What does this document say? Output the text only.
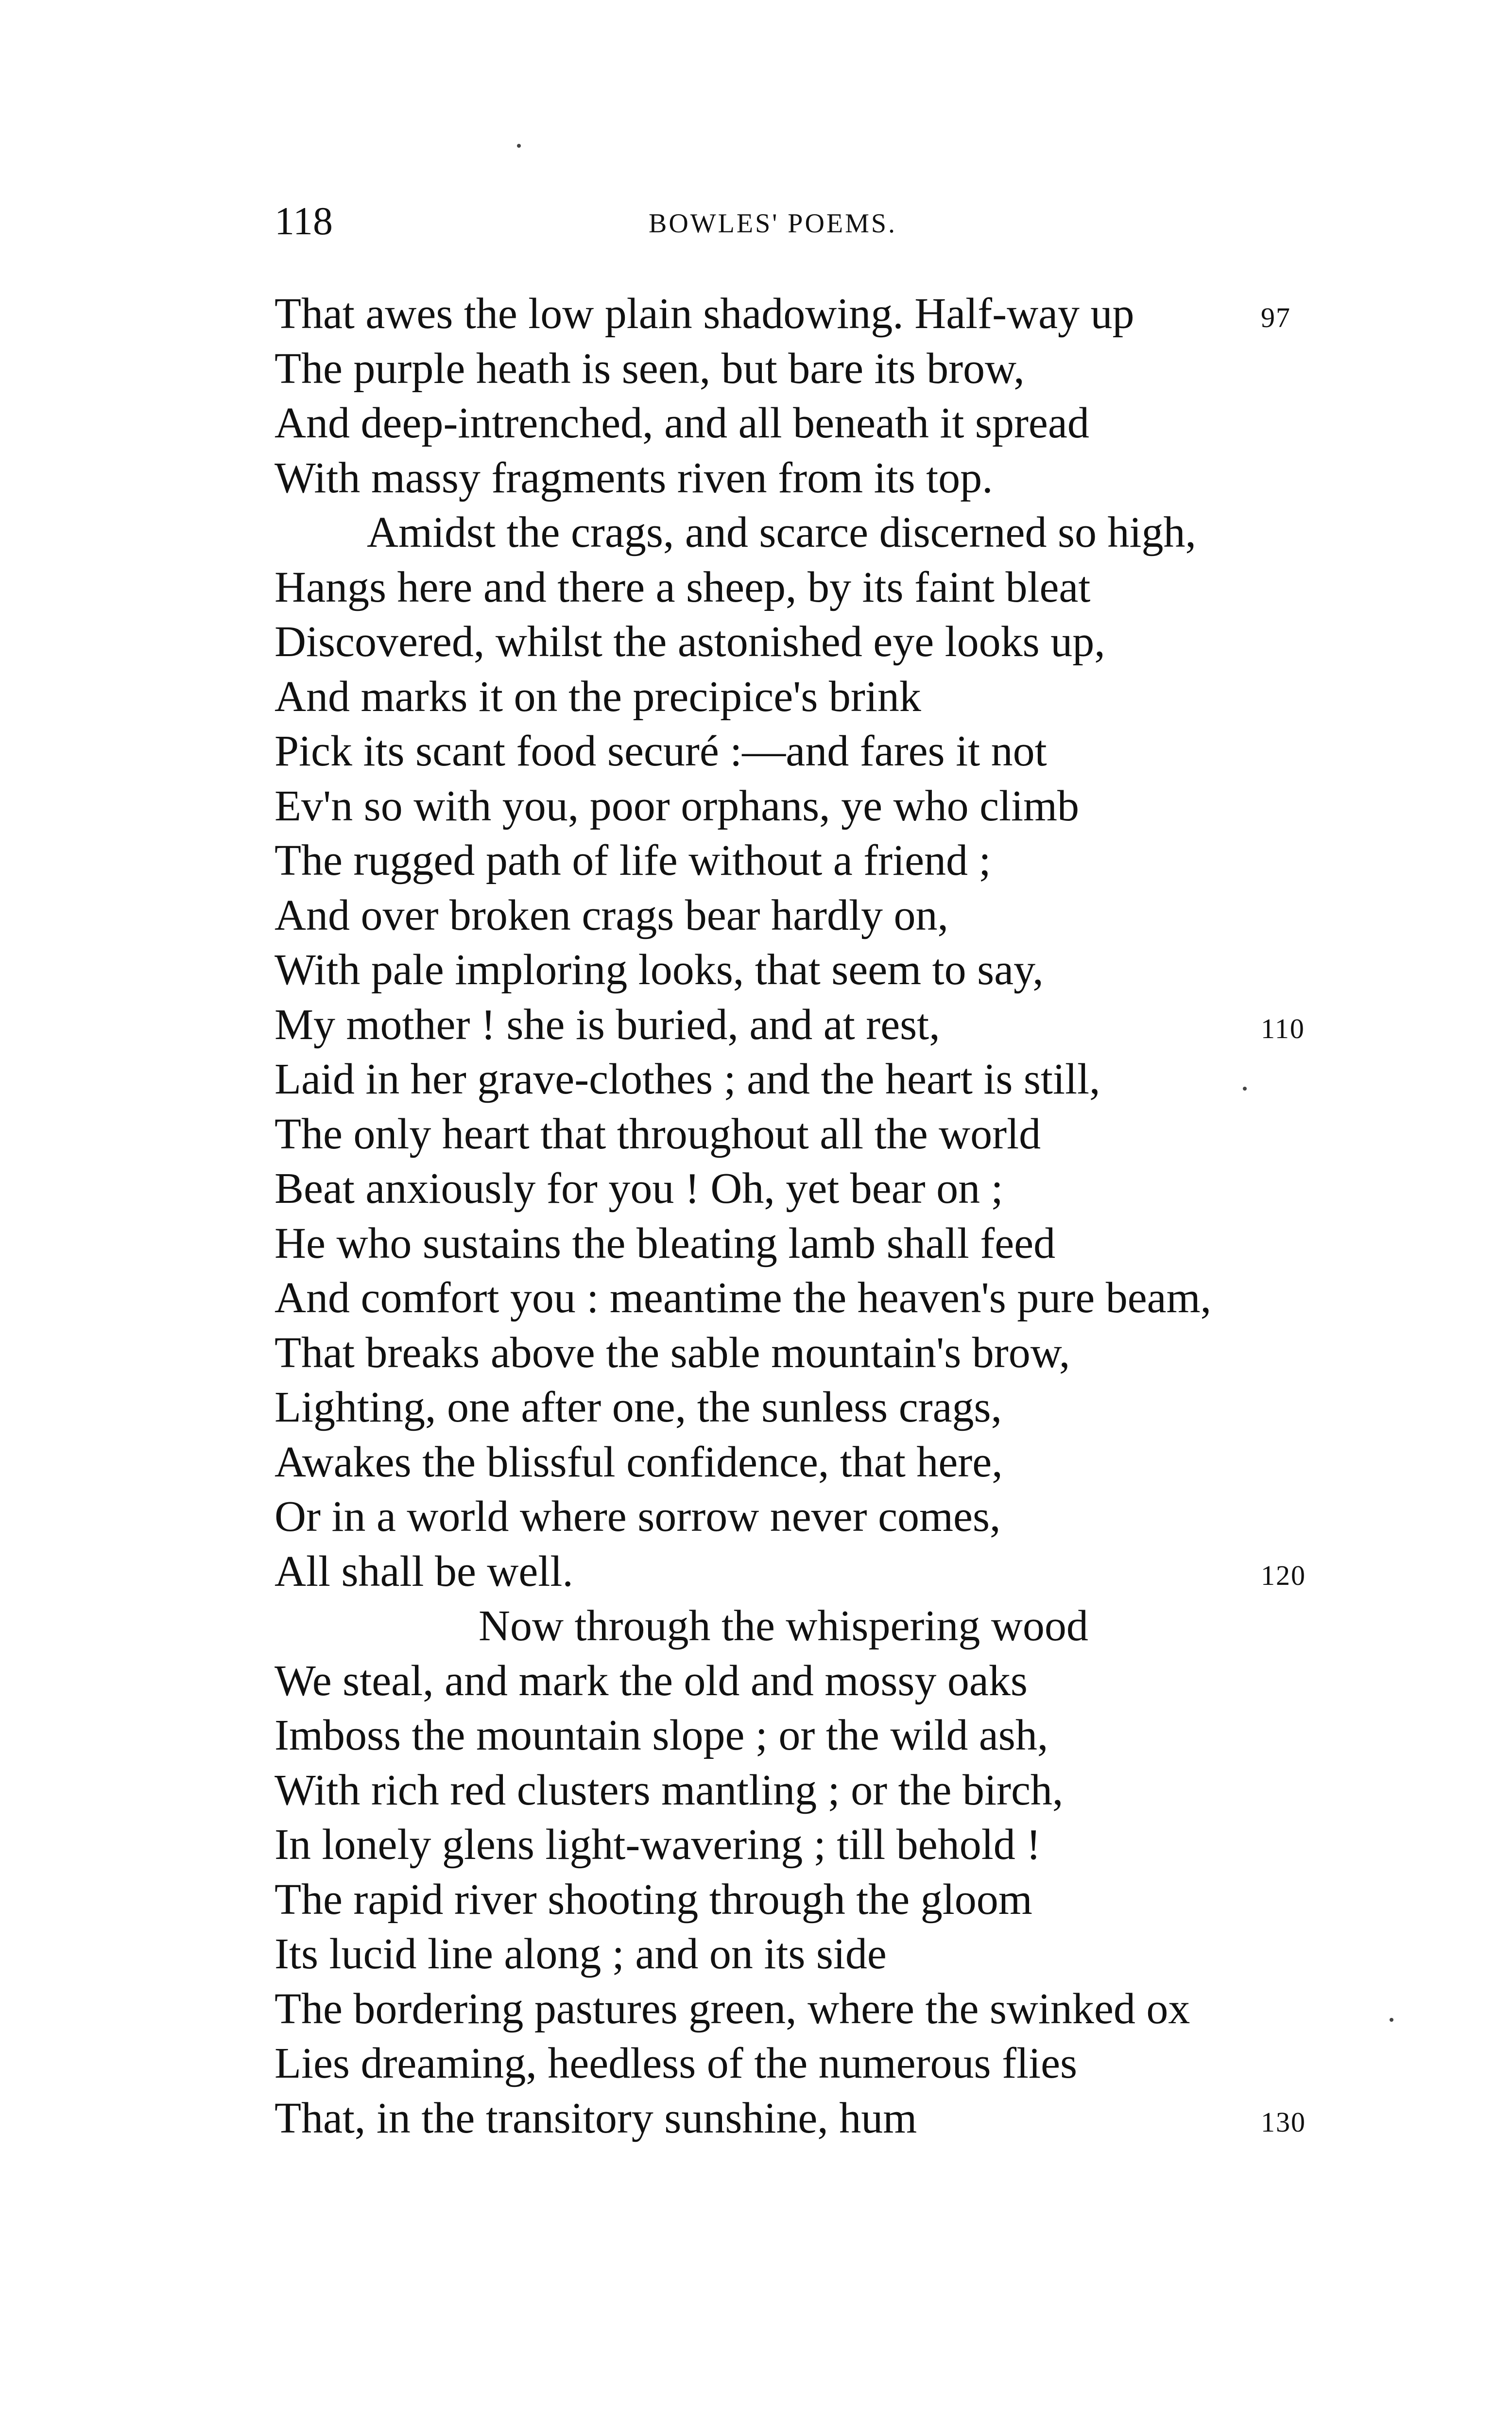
118	BOWLES' POEMS.
That awes the low plain shadowing. Half-way up	97
The purple heath is seen, but bare its brow,
And deep-intrenched, and all beneath it spread
With massy fragments riven from its top.
Amidst the crags, and scarce discerned so high,
Hangs here and there a sheep, by its faint bleat
Discovered, whilst the astonished eye looks up,
And marks it on the precipice's brink
Pick its scant food securé :—and fares it not
Ev'n so with you, poor orphans, ye who climb
The rugged path of life without a friend ;
And over broken crags bear hardly on,
With pale imploring looks, that seem to say,
My mother ! she is buried, and at rest,	110
Laid in her grave-clothes ; and the heart is still,
The only heart that throughout all the world
Beat anxiously for you ! Oh, yet bear on ;
He who sustains the bleating lamb shall feed
And comfort you : meantime the heaven's pure beam,
That breaks above the sable mountain's brow,
Lighting, one after one, the sunless crags,
Awakes the blissful confidence, that here,
Or in a world where sorrow never comes,
All shall be well.	120
Now through the whispering wood
We steal, and mark the old and mossy oaks
Imboss the mountain slope ; or the wild ash,
With rich red clusters mantling ; or the birch,
In lonely glens light-wavering ; till behold !
The rapid river shooting through the gloom
Its lucid line along ; and on its side
The bordering pastures green, where the swinked ox
Lies dreaming, heedless of the numerous flies
That, in the transitory sunshine, hum	130
